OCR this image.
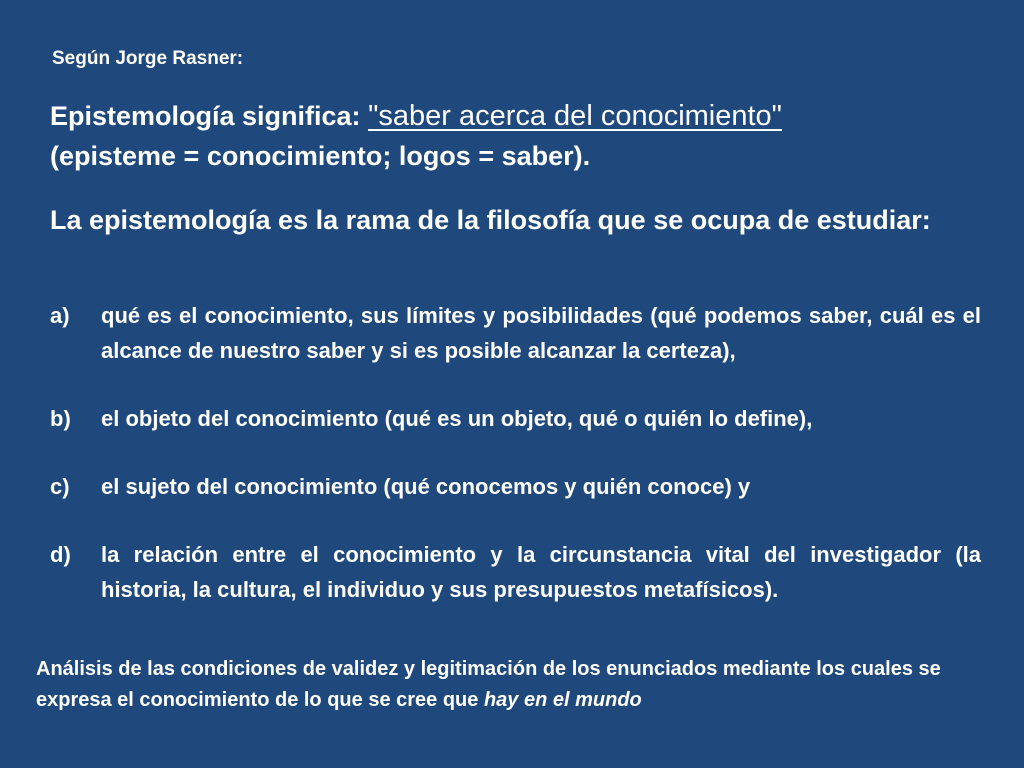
Según Jorge Rasner:
Epistemología significa: "saber acerca del conocimiento"
(episteme = conocimiento; logos = saber).
La epistemología es la rama de la filosofía que se ocupa de estudiar:
a) qué es el conocimiento, sus límites y posibilidades (qué podemos saber, cuál es el alcance de nuestro saber y si es posible alcanzar la certeza),
b) el objeto del conocimiento (qué es un objeto, qué o quién lo define),
c) el sujeto del conocimiento (qué conocemos y quién conoce) y
d) la relación entre el conocimiento y la circunstancia vital del investigador (la historia, la cultura, el individuo y sus presupuestos metafísicos).
Análisis de las condiciones de validez y legitimación de los enunciados mediante los cuales se expresa el conocimiento de lo que se cree que hay en el mundo
